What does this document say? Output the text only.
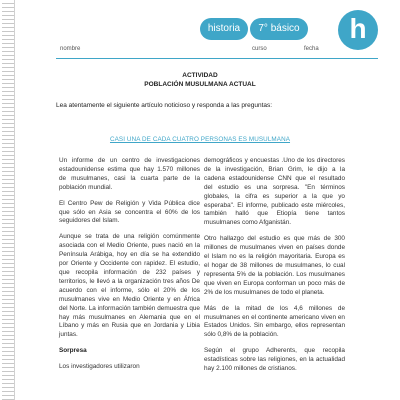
historia	7° básico	h
nombre	curso	fecha
ACTIVIDAD
POBLACIÓN MUSULMANA ACTUAL
Lea atentamente el siguiente artículo noticioso y responda a las preguntas:
CASI UNA DE CADA CUATRO PERSONAS ES MUSULMANA

Un informe de un centro de investigaciones estadounidense estima que hay 1.570 millones de musulmanes, casi la cuarta parte de la población mundial.

El Centro Pew de Religión y Vida Pública dice que sólo en Asia se concentra el 60% de los seguidores del Islam.

Aunque se trata de una religión comúnmente asociada con el Medio Oriente, pues nació en la Península Arábiga, hoy en día se ha extendido por Oriente y Occidente con rapidez. El estudio, que recopila información de 232 países y territorios, le llevó a la organización tres años De acuerdo con el informe, sólo el 20% de los musulmanes vive en Medio Oriente y en África del Norte. La información también demuestra que hay más musulmanes en Alemania que en el Líbano y más en Rusia que en Jordania y Libia juntas.

Sorpresa

Los investigadores utilizaron

demográficos y encuestas .Uno de los directores de la investigación, Brian Grim, le dijo a la cadena estadounidense CNN que el resultado del estudio es una sorpresa. "En términos globales, la cifra es superior a la que yo esperaba". El informe, publicado este miércoles, también halló que Etiopía tiene tantos musulmanes como Afganistán.

Otro hallazgo del estudio es que más de 300 millones de musulmanes viven en países donde el Islam no es la religión mayoritaria. Europa es el hogar de 38 millones de musulmanes, lo cual representa 5% de la población. Los musulmanes que viven en Europa conforman un poco más de 2% de los musulmanes de todo el planeta.

Más de la mitad de los 4,6 millones de musulmanes en el continente americano viven en Estados Unidos. Sin embargo, ellos representan sólo 0,8% de la población.

Según el grupo Adherents, que recopila estadísticas sobre las religiones, en la actualidad hay 2.100 millones de cristianos.
